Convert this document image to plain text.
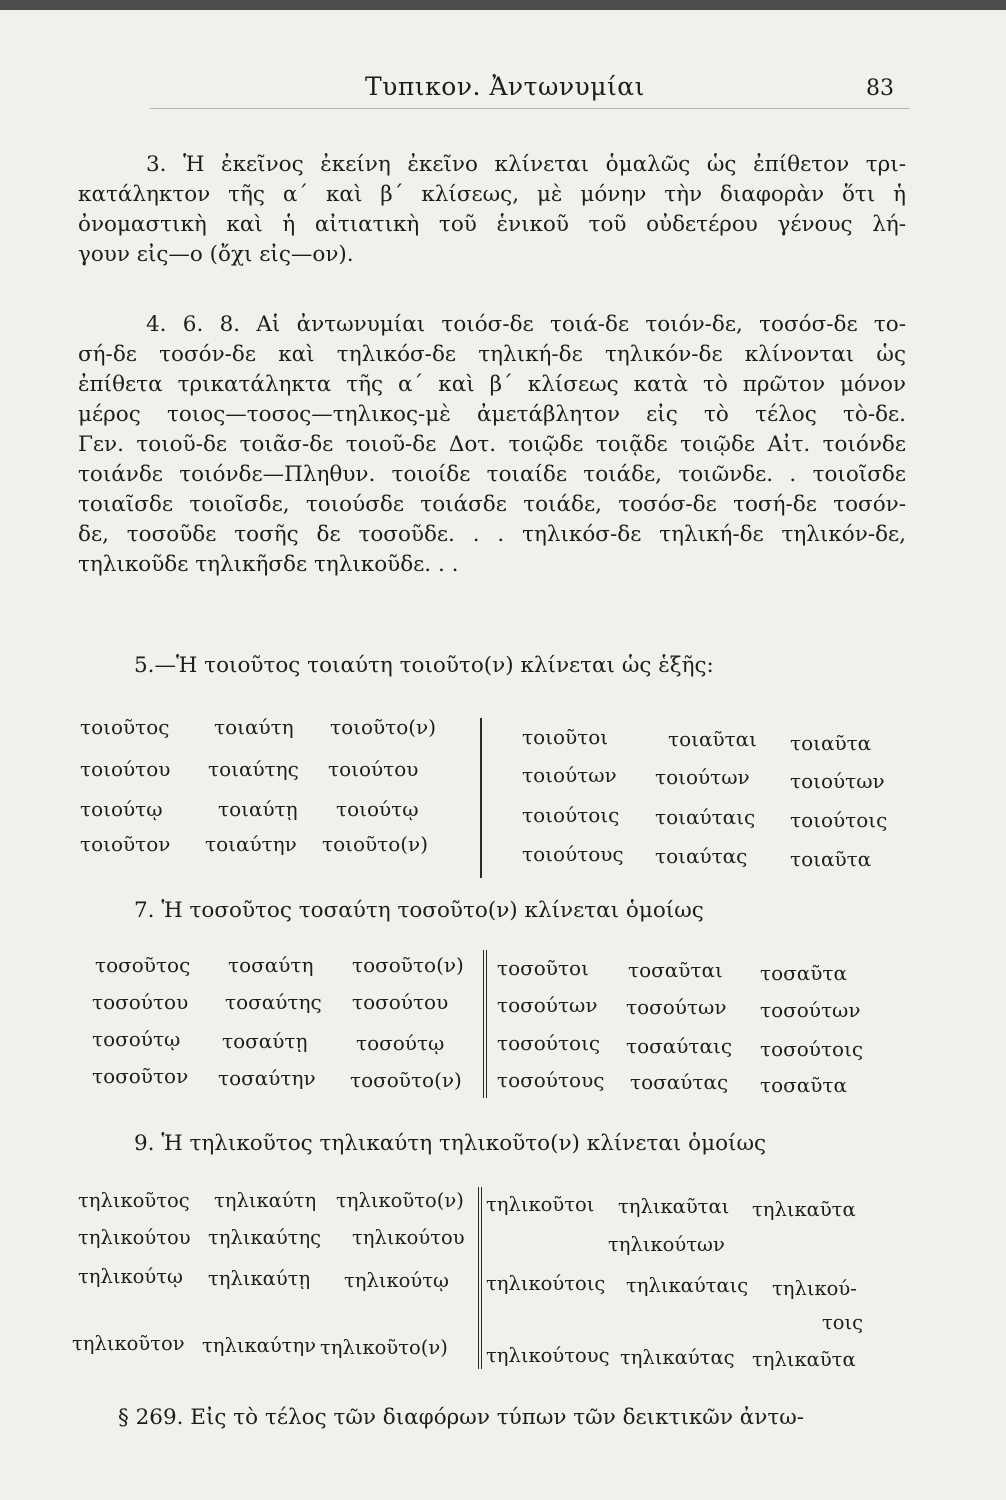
Τυπικον. Ἀντωνυμίαι	83
3. Ἡ ἐκεῖνος ἐκείνη ἐκεῖνο κλίνεται ὁμαλῶς ὡς ἐπίθετον τρι-
κατάληκτον τῆς α΄ καὶ β΄ κλίσεως, μὲ μόνην τὴν διαφορὰν ὅτι ἡ
ὀνομαστικὴ καὶ ἡ αἰτιατικὴ τοῦ ἑνικοῦ τοῦ οὐδετέρου γένους λή-
γουν εἰς—ο (ὄχι εἰς—ον).
4. 6. 8. Αἱ ἀντωνυμίαι τοιόσ-δε τοιά-δε τοιόν-δε, τοσόσ-δε το-
σή-δε τοσόν-δε καὶ τηλικόσ-δε τηλική-δε τηλικόν-δε κλίνονται ὡς
ἐπίθετα τρικατάληκτα τῆς α΄ καὶ β΄ κλίσεως κατὰ τὸ πρῶτον μόνον
μέρος τοιος—τοσος—τηλικος-μὲ ἀμετάβλητον εἰς τὸ τέλος τὸ-δε.
Γεν. τοιοῦ-δε τοιᾶσ-δε τοιοῦ-δε Δοτ. τοιῷδε τοιᾷδε τοιῷδε Αἰτ. τοιόνδε
τοιάνδε τοιόνδε—Πληθυν. τοιοίδε τοιαίδε τοιάδε, τοιῶνδε. . τοιοῖσδε
τοιαῖσδε τοιοῖσδε, τοιούσδε τοιάσδε τοιάδε, τοσόσ-δε τοσή-δε τοσόν-
δε, τοσοῦδε τοσῆς δε τοσοῦδε. . . τηλικόσ-δε τηλική-δε τηλικόν-δε,
τηλικοῦδε τηλικῆσδε τηλικοῦδε. . .
5.—Ἡ τοιοῦτος τοιαύτη τοιοῦτο(ν) κλίνεται ὡς ἑξῆς:
τοιοῦτος τοιαύτη τοιοῦτο(ν)
τοιούτου τοιαύτης τοιούτου
τοιούτῳ	τοιαύτῃ τοιούτῳ
τοιοῦτον τοιαύτην τοιοῦτο(ν)
τοιοῦτοι	τοιαῦται τοιαῦτα
τοιούτων τοιούτων τοιούτων
τοιούτοις τοιαύταις τοιούτοις
τοιούτους τοιαύτας τοιαῦτα
7. Ἡ τοσοῦτος τοσαύτη τοσοῦτο(ν) κλίνεται ὁμοίως
τοσοῦτος τοσαύτη τοσοῦτο(ν)
τοσούτου τοσαύτης τοσούτου
τοσούτῳ τοσαύτῃ τοσούτῳ
τοσοῦτον τοσαύτην τοσοῦτο(ν)
τοσοῦτοι τοσαῦται τοσαῦτα
τοσούτων τοσούτων τοσούτων
τοσούτοις τοσαύταις τοσούτοις
τοσούτους τοσαύτας τοσαῦτα
9. Ἡ τηλικοῦτος τηλικαύτη τηλικοῦτο(ν) κλίνεται ὁμοίως
τηλικοῦτος τηλικαύτη τηλικοῦτο(ν)
τηλικούτου τηλικαύτης τηλικούτου
τηλικούτῳ τηλικαύτῃ τηλικούτῳ
τηλικοῦτον τηλικαύτην τηλικοῦτο(ν)
τηλικοῦτοι τηλικαῦται τηλικαῦτα
τηλικούτων
τηλικούτοις τηλικαύταις τηλικού-
τοις
τηλικούτους τηλικαύτας τηλικαῦτα
§ 269. Εἰς τὸ τέλος τῶν διαφόρων τύπων τῶν δεικτικῶν ἀντω-
